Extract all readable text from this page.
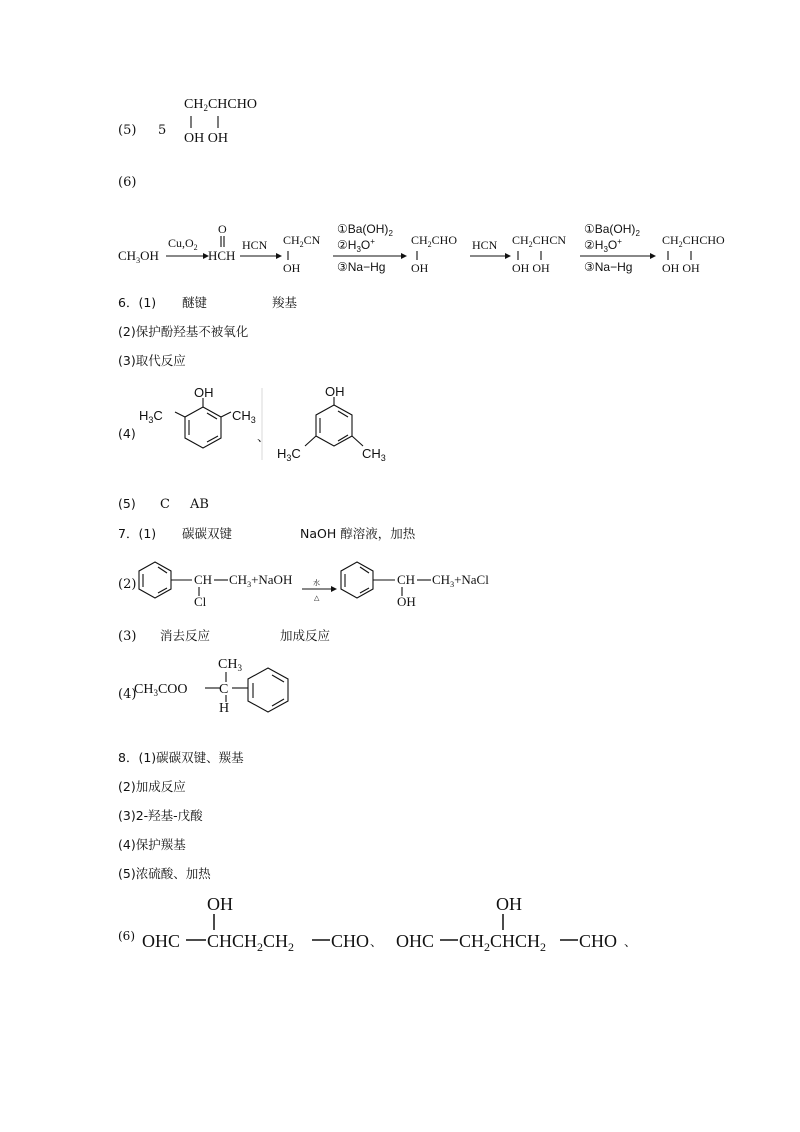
(5) 5
$CH_2CHCHO$
OH OH
(6)
$CH_3OH$
$Cu,O_2$
O
HCH
HCN $CH_2CN$
OH
$①Ba(OH)_2$
$②H_3O^+$
③Na−Hg
$CH_2CHO$
OH
HCN $CH_2CHCN$
OH OH
$①Ba(OH)_2$
$②H_3O^+$
③Na−Hg
$CH_2CHCHO$
OH OH
6．(1) 醚键	羧基
(2)保护酚羟基不被氧化
(3)取代反应
(4)	、
OH
$H_3C$	$CH_3$
OH
$H_3C$	$CH_3$
(5) C AB
7．(1) 碳碳双键	NaOH 醇溶液，加热
(2)	CH $CH_3+NaOH$
Cl
水
△
CH $CH_3+NaCl$
OH
(3) 消去反应	加成反应
(4)
$CH_3COO$
$CH_3$
C
H
8．(1)碳碳双键、羰基
(2)加成反应
(3)2-羟基-戊酸
(4)保护羰基
(5)浓硫酸、加热
(6)	、	、
OHC $CHCH_2CH_2$ CHO
OH
OHC $CH_2CHCH_2$ CHO
OH
